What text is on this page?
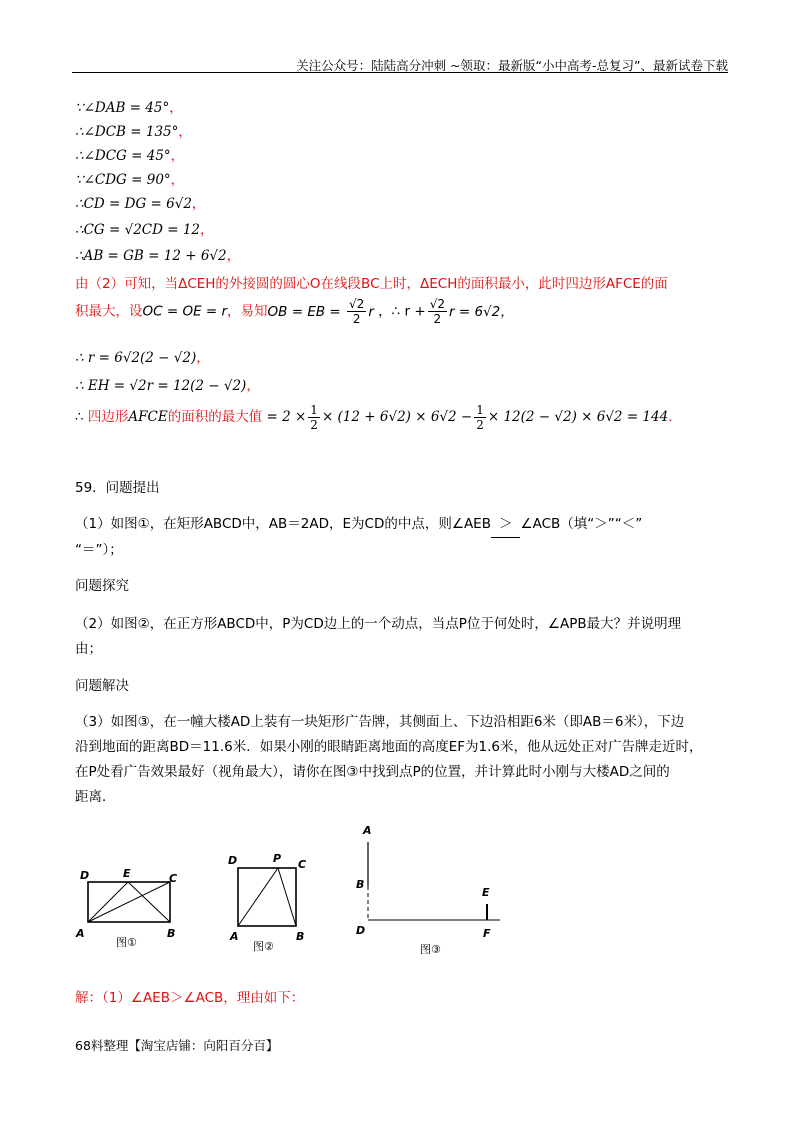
关注公众号：陆陆高分冲刺 ~领取：最新版“小中高考-总复习”、最新试卷下载
∵∠DAB = 45°，
∴∠DCB = 135°，
∴∠DCG = 45°，
∵∠CDG = 90°，
∴CD = DG = 6√2，
∴CG = √2CD = 12，
∴AB = GB = 12 + 6√2，
由（2）可知，当ΔCEH的外接圆的圆心O在线段BC上时，ΔECH的面积最小，此时四边形AFCE的面
积最大，设OC = OE = r，易知OB = EB = $\frac{√2}{2}$ r ，∴ $r + \frac{√2}{2}$ r = 6√2，
∴ r = 6√2(2 − √2)，
∴ EH = √2r = 12(2 − √2)，
∴ 四边形AFCE的面积的最大值 = $2 \times \frac{1}{2} \times (12 + 6√2) \times 6√2 - \frac{1}{2} \times 12(2 - √2) \times 6√2 = 144$．
59．问题提出
（1）如图①，在矩形ABCD中，AB＝2AD，E为CD的中点，则∠AEB ＞ ∠ACB（填“＞”“＜”
“＝”）；
问题探究
（2）如图②，在正方形ABCD中，P为CD边上的一个动点，当点P位于何处时，∠APB最大？并说明理
由；
问题解决
（3）如图③，在一幢大楼AD上装有一块矩形广告牌，其侧面上、下边沿相距6米（即AB＝6米），下边
沿到地面的距离BD＝11.6米．如果小刚的眼睛距离地面的高度EF为1.6米，他从远处正对广告牌走近时，
在P处看广告效果最好（视角最大），请你在图③中找到点P的位置，并计算此时小刚与大楼AD之间的
距离．
D	E	C
A	B
图①
D	P C
A	B
图②
A
B
D
E
F
图③
解：（1）∠AEB＞∠ACB，理由如下：
68料整理【淘宝店铺：向阳百分百】
